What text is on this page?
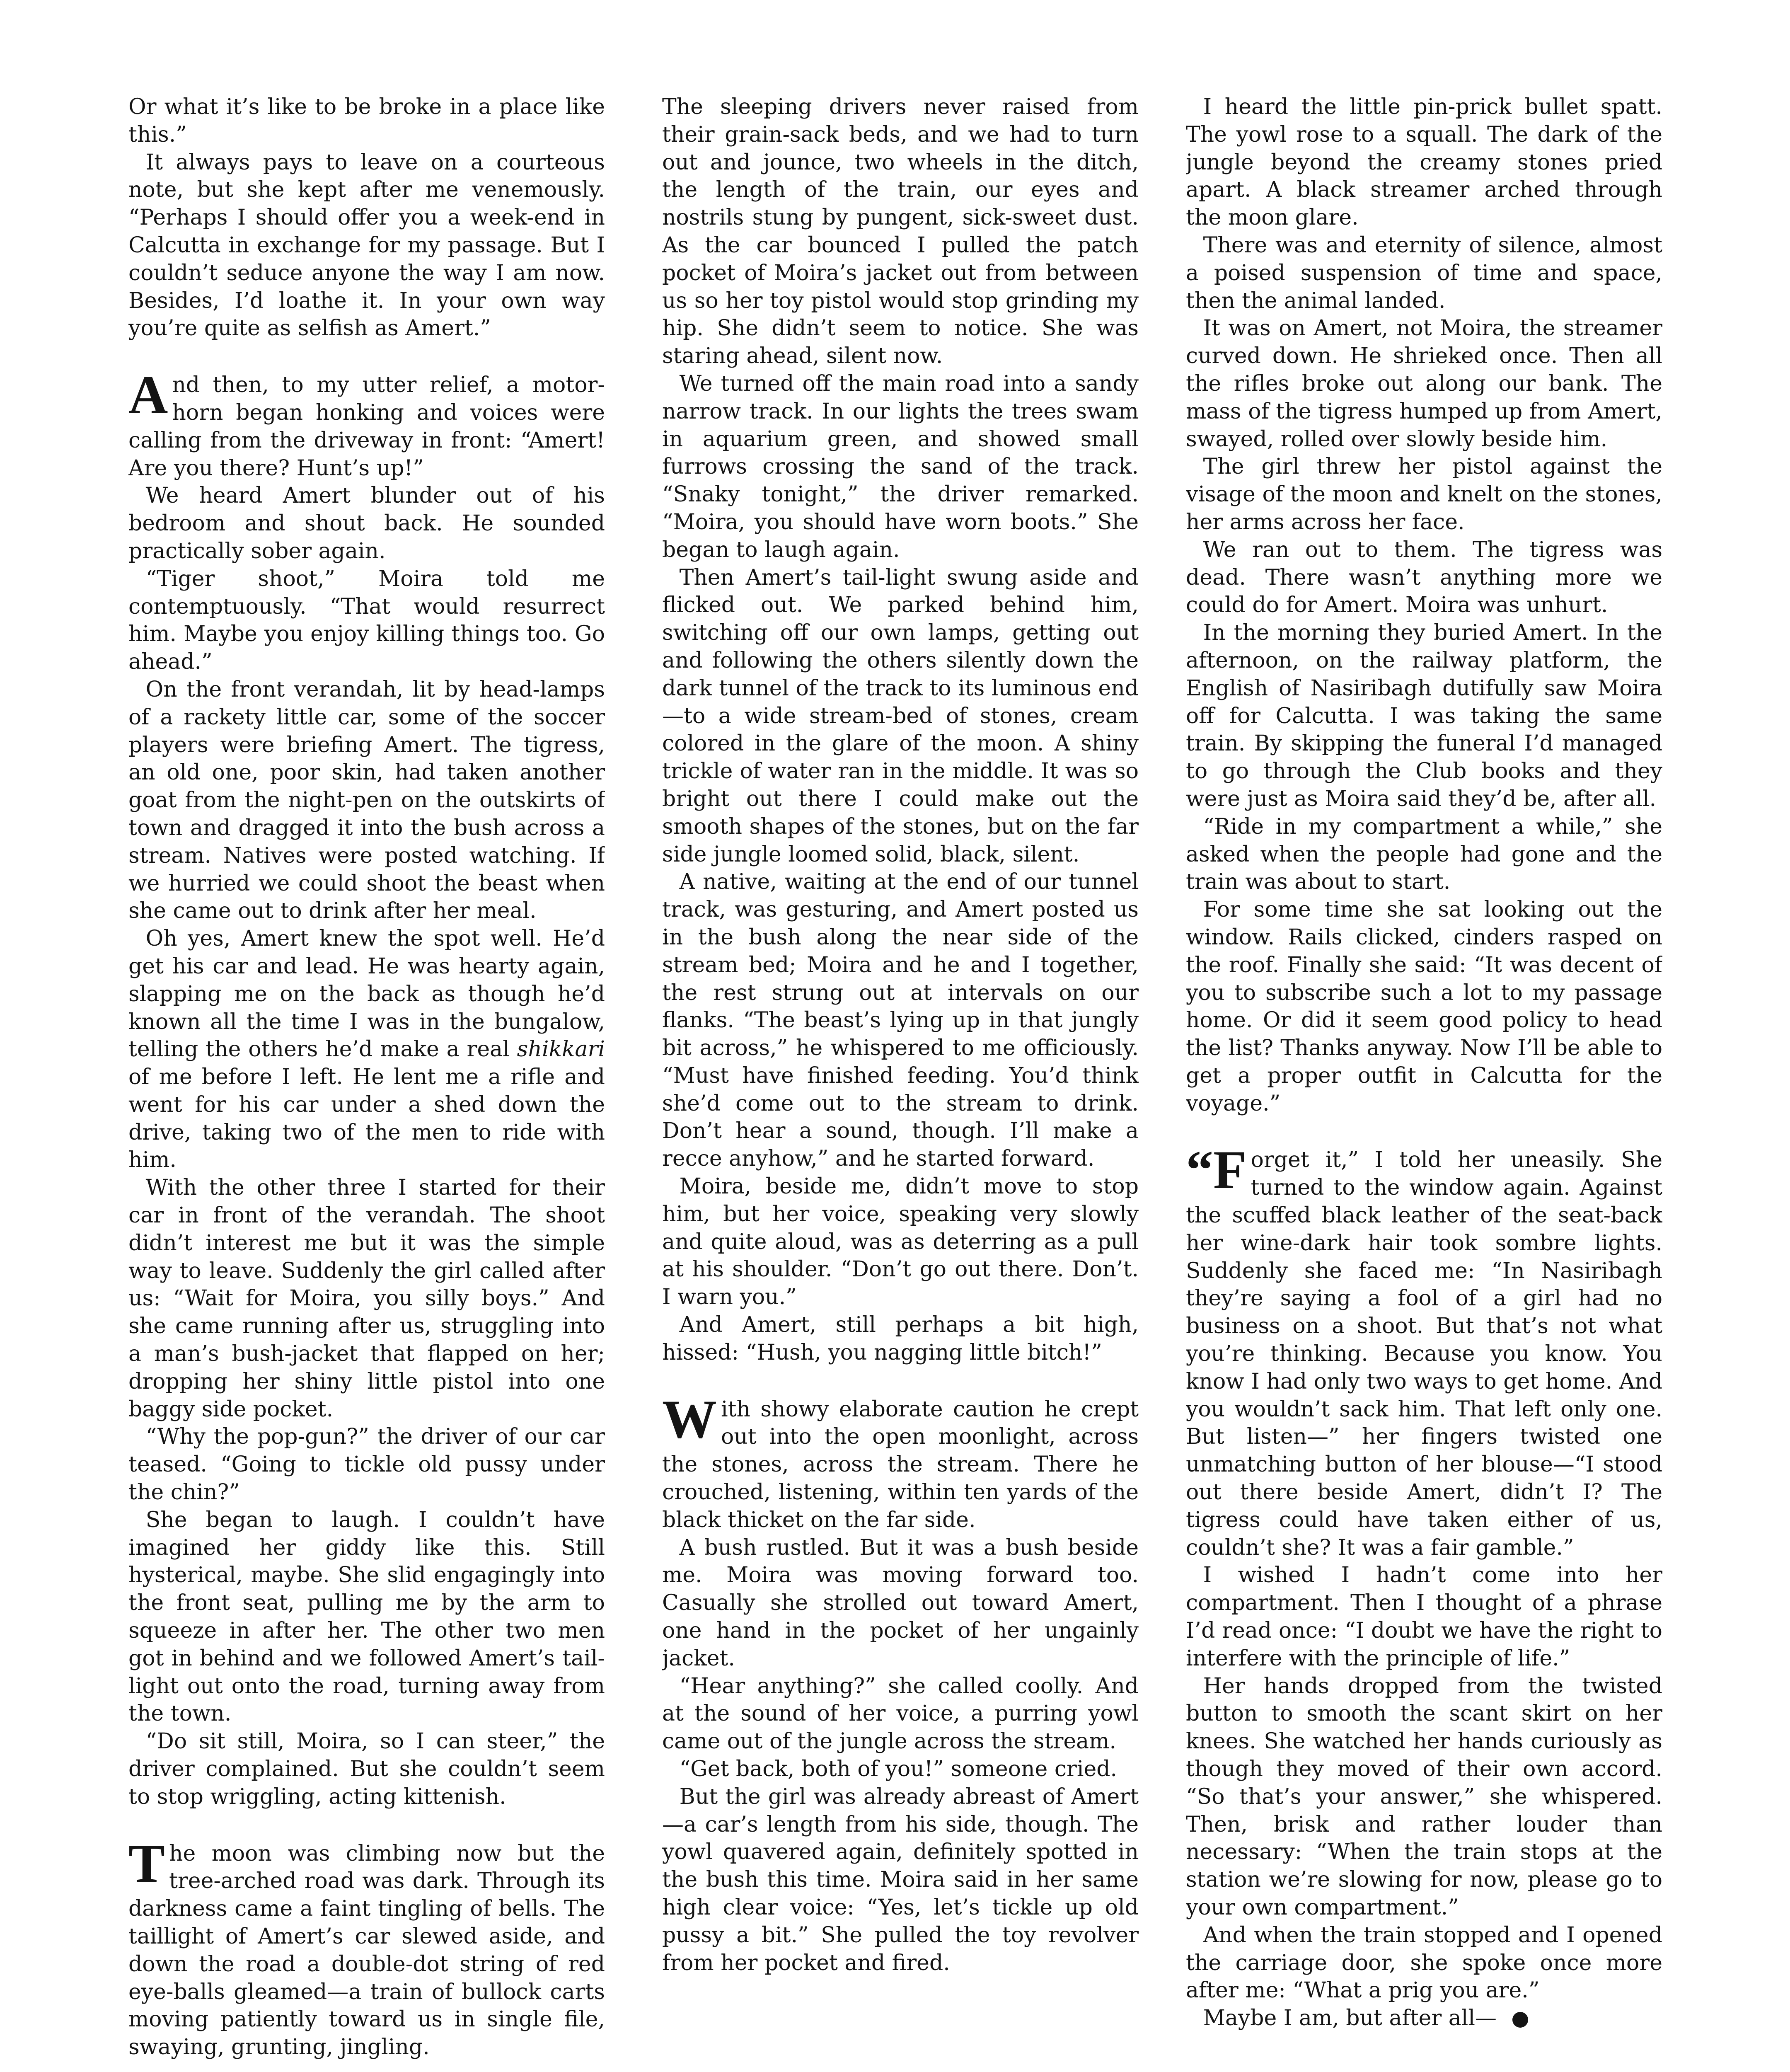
Or what it’s like to be broke in a place like this.”

It always pays to leave on a courteous note, but she kept after me venemously. “Perhaps I should offer you a week-end in Calcutta in exchange for my passage. But I couldn’t seduce anyone the way I am now. Besides, I’d loathe it. In your own way you’re quite as selfish as Amert.”

And then, to my utter relief, a motor-horn began honking and voices were calling from the driveway in front: “Amert! Are you there? Hunt’s up!”

We heard Amert blunder out of his bedroom and shout back. He sounded practically sober again.

“Tiger shoot,” Moira told me contemptuously. “That would resurrect him. Maybe you enjoy killing things too. Go ahead.”

On the front verandah, lit by head-lamps of a rackety little car, some of the soccer players were briefing Amert. The tigress, an old one, poor skin, had taken another goat from the night-pen on the outskirts of town and dragged it into the bush across a stream. Natives were posted watching. If we hurried we could shoot the beast when she came out to drink after her meal.

Oh yes, Amert knew the spot well. He’d get his car and lead. He was hearty again, slapping me on the back as though he’d known all the time I was in the bungalow, telling the others he’d make a real shikkari of me before I left. He lent me a rifle and went for his car under a shed down the drive, taking two of the men to ride with him.

With the other three I started for their car in front of the verandah. The shoot didn’t interest me but it was the simple way to leave. Suddenly the girl called after us: “Wait for Moira, you silly boys.” And she came running after us, struggling into a man’s bush-jacket that flapped on her; dropping her shiny little pistol into one baggy side pocket.

“Why the pop-gun?” the driver of our car teased. “Going to tickle old pussy under the chin?”

She began to laugh. I couldn’t have imagined her giddy like this. Still hysterical, maybe. She slid engagingly into the front seat, pulling me by the arm to squeeze in after her. The other two men got in behind and we followed Amert’s tail-light out onto the road, turning away from the town.

“Do sit still, Moira, so I can steer,” the driver complained. But she couldn’t seem to stop wriggling, acting kittenish.

The moon was climbing now but the tree-arched road was dark. Through its darkness came a faint tingling of bells. The taillight of Amert’s car slewed aside, and down the road a double-dot string of red eye-balls gleamed—a train of bullock carts moving patiently toward us in single file, swaying, grunting, jingling.

The sleeping drivers never raised from their grain-sack beds, and we had to turn out and jounce, two wheels in the ditch, the length of the train, our eyes and nostrils stung by pungent, sick-sweet dust. As the car bounced I pulled the patch pocket of Moira’s jacket out from between us so her toy pistol would stop grinding my hip. She didn’t seem to notice. She was staring ahead, silent now.

We turned off the main road into a sandy narrow track. In our lights the trees swam in aquarium green, and showed small furrows crossing the sand of the track. “Snaky tonight,” the driver remarked. “Moira, you should have worn boots.” She began to laugh again.

Then Amert’s tail-light swung aside and flicked out. We parked behind him, switching off our own lamps, getting out and following the others silently down the dark tunnel of the track to its luminous end—to a wide stream-bed of stones, cream colored in the glare of the moon. A shiny trickle of water ran in the middle. It was so bright out there I could make out the smooth shapes of the stones, but on the far side jungle loomed solid, black, silent.

A native, waiting at the end of our tunnel track, was gesturing, and Amert posted us in the bush along the near side of the stream bed; Moira and he and I together, the rest strung out at intervals on our flanks. “The beast’s lying up in that jungly bit across,” he whispered to me officiously. “Must have finished feeding. You’d think she’d come out to the stream to drink. Don’t hear a sound, though. I’ll make a recce anyhow,” and he started forward.

Moira, beside me, didn’t move to stop him, but her voice, speaking very slowly and quite aloud, was as deterring as a pull at his shoulder. “Don’t go out there. Don’t. I warn you.”

And Amert, still perhaps a bit high, hissed: “Hush, you nagging little bitch!”

With showy elaborate caution he crept out into the open moonlight, across the stones, across the stream. There he crouched, listening, within ten yards of the black thicket on the far side.

A bush rustled. But it was a bush beside me. Moira was moving forward too. Casually she strolled out toward Amert, one hand in the pocket of her ungainly jacket.

“Hear anything?” she called coolly. And at the sound of her voice, a purring yowl came out of the jungle across the stream.

“Get back, both of you!” someone cried.

But the girl was already abreast of Amert—a car’s length from his side, though. The yowl quavered again, definitely spotted in the bush this time. Moira said in her same high clear voice: “Yes, let’s tickle up old pussy a bit.” She pulled the toy revolver from her pocket and fired.

I heard the little pin-prick bullet spatt. The yowl rose to a squall. The dark of the jungle beyond the creamy stones pried apart. A black streamer arched through the moon glare.

There was and eternity of silence, almost a poised suspension of time and space, then the animal landed.

It was on Amert, not Moira, the streamer curved down. He shrieked once. Then all the rifles broke out along our bank. The mass of the tigress humped up from Amert, swayed, rolled over slowly beside him.

The girl threw her pistol against the visage of the moon and knelt on the stones, her arms across her face.

We ran out to them. The tigress was dead. There wasn’t anything more we could do for Amert. Moira was unhurt.

In the morning they buried Amert. In the afternoon, on the railway platform, the English of Nasiribagh dutifully saw Moira off for Calcutta. I was taking the same train. By skipping the funeral I’d managed to go through the Club books and they were just as Moira said they’d be, after all.

“Ride in my compartment a while,” she asked when the people had gone and the train was about to start.

For some time she sat looking out the window. Rails clicked, cinders rasped on the roof. Finally she said: “It was decent of you to subscribe such a lot to my passage home. Or did it seem good policy to head the list? Thanks anyway. Now I’ll be able to get a proper outfit in Calcutta for the voyage.”

“Forget it,” I told her uneasily. She turned to the window again. Against the scuffed black leather of the seat-back her wine-dark hair took sombre lights. Suddenly she faced me: “In Nasiribagh they’re saying a fool of a girl had no business on a shoot. But that’s not what you’re thinking. Because you know. You know I had only two ways to get home. And you wouldn’t sack him. That left only one. But listen—” her fingers twisted one unmatching button of her blouse—“I stood out there beside Amert, didn’t I? The tigress could have taken either of us, couldn’t she? It was a fair gamble.”

I wished I hadn’t come into her compartment. Then I thought of a phrase I’d read once: “I doubt we have the right to interfere with the principle of life.”

Her hands dropped from the twisted button to smooth the scant skirt on her knees. She watched her hands curiously as though they moved of their own accord. “So that’s your answer,” she whispered. Then, brisk and rather louder than necessary: “When the train stops at the station we’re slowing for now, please go to your own compartment.”

And when the train stopped and I opened the carriage door, she spoke once more after me: “What a prig you are.”

Maybe I am, but after all—
